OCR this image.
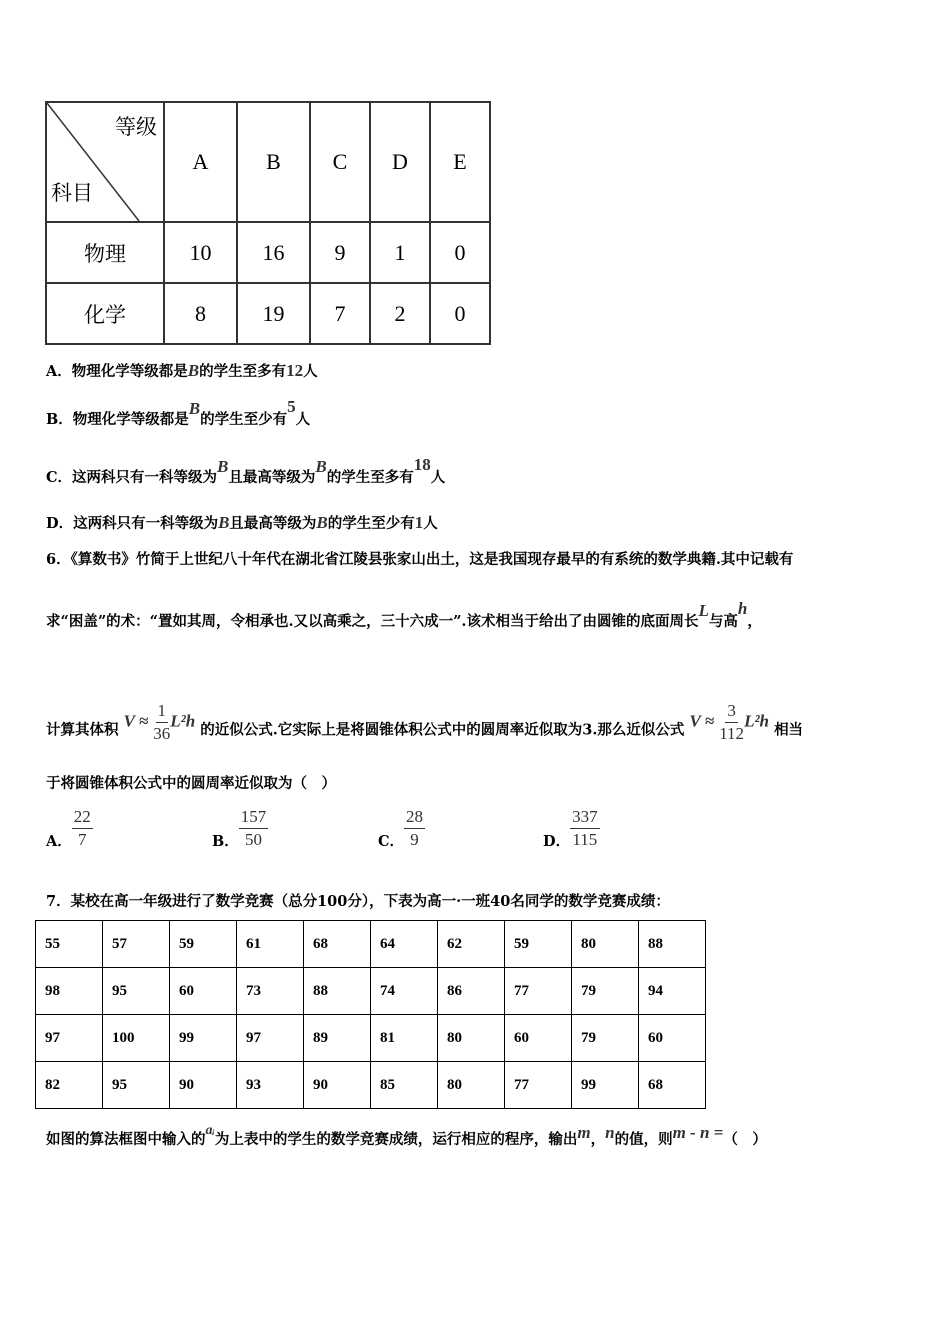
等级
科目	A	B	C	D	E
物理	10	16	9	1	0
化学	8	19	7	2	0
A．物理化学等级都是B的学生至多有12人
B．物理化学等级都是B的学生至少有5人
C．这两科只有一科等级为B且最高等级为B的学生至多有18人
D．这两科只有一科等级为B且最高等级为B的学生至少有1人
6．《算数书》竹简于上世纪八十年代在湖北省江陵县张家山出土，这是我国现存最早的有系统的数学典籍.其中记载有
求“困盖”的术：“置如其周，令相承也.又以高乘之，三十六成一”.该术相当于给出了由圆锥的底面周长L与高h，
计算其体积 $V \approx \frac{1}{36} L^2h$ 的近似公式.它实际上是将圆锥体积公式中的圆周率近似取为3.那么近似公式 $V \approx \frac{3}{112} L^2h$ 相当
于将圆锥体积公式中的圆周率近似取为（　）
A． $\frac{22}{7}$	B． $\frac{157}{50}$	C． $\frac{28}{9}$	D． $\frac{337}{115}$
7．某校在高一年级进行了数学竞赛（总分100分），下表为高一·一班40名同学的数学竞赛成绩：
55	57	59	61	68	64	62	59	80	88
98	95	60	73	88	74	86	77	79	94
97	100	99	97	89	81	80	60	79	60
82	95	90	93	90	85	80	77	99	68
如图的算法框图中输入的aᵢ为上表中的学生的数学竞赛成绩，运行相应的程序，输出m，n的值，则m - n =（　）
